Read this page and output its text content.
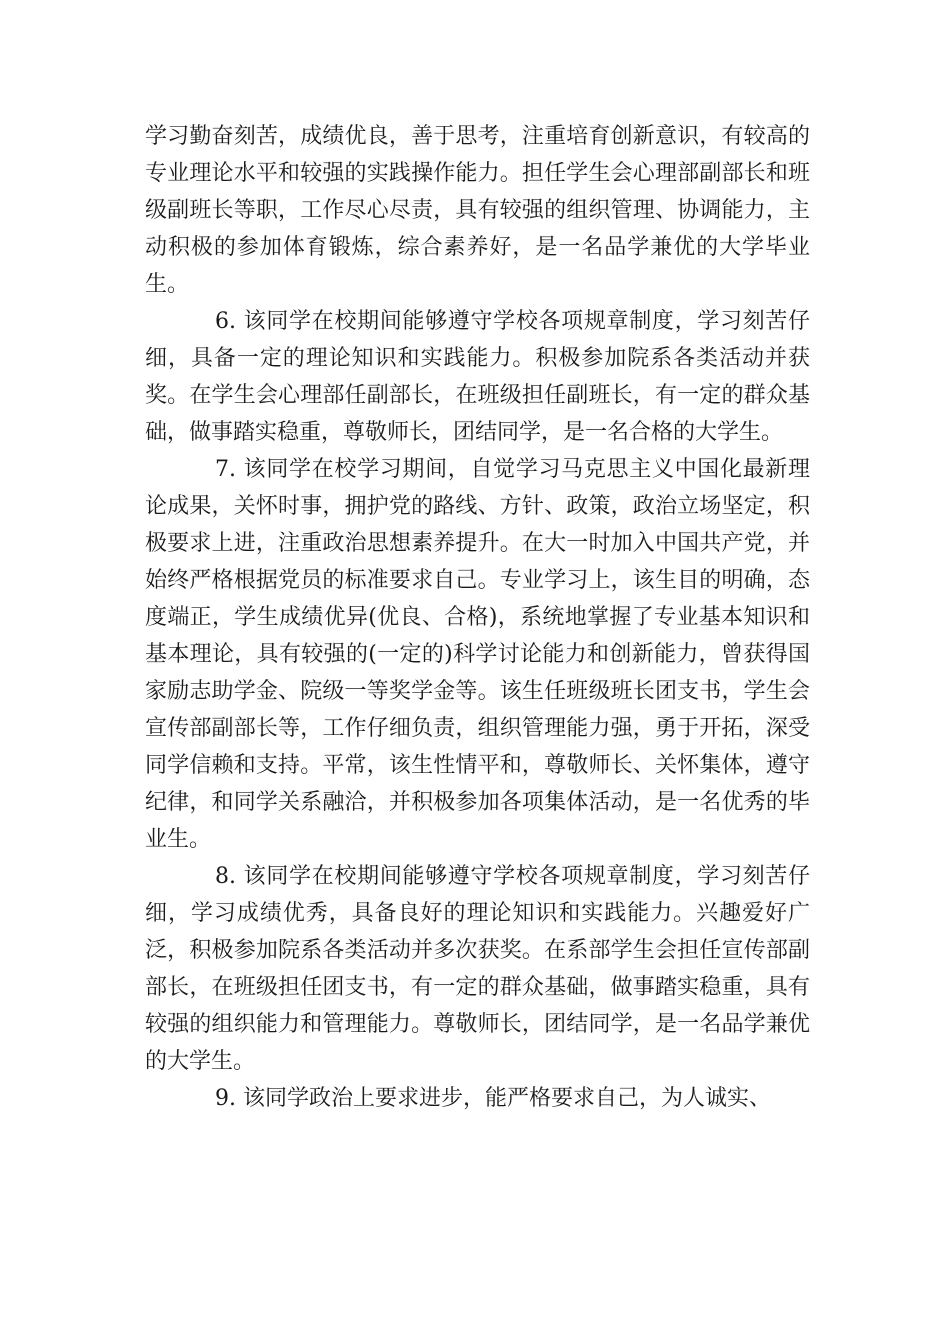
学习勤奋刻苦，成绩优良，善于思考，注重培育创新意识，有较高的专业理论水平和较强的实践操作能力。担任学生会心理部副部长和班级副班长等职，工作尽心尽责，具有较强的组织管理、协调能力，主动积极的参加体育锻炼，综合素养好，是一名品学兼优的大学毕业生。

6. 该同学在校期间能够遵守学校各项规章制度，学习刻苦仔细，具备一定的理论知识和实践能力。积极参加院系各类活动并获奖。在学生会心理部任副部长，在班级担任副班长，有一定的群众基础，做事踏实稳重，尊敬师长，团结同学，是一名合格的大学生。

7. 该同学在校学习期间，自觉学习马克思主义中国化最新理论成果，关怀时事，拥护党的路线、方针、政策，政治立场坚定，积极要求上进，注重政治思想素养提升。在大一时加入中国共产党，并始终严格根据党员的标准要求自己。专业学习上，该生目的明确，态度端正，学生成绩优异(优良、合格)，系统地掌握了专业基本知识和基本理论，具有较强的(一定的)科学讨论能力和创新能力，曾获得国家励志助学金、院级一等奖学金等。该生任班级班长团支书，学生会宣传部副部长等，工作仔细负责，组织管理能力强，勇于开拓，深受同学信赖和支持。平常，该生性情平和，尊敬师长、关怀集体，遵守纪律，和同学关系融洽，并积极参加各项集体活动，是一名优秀的毕业生。

8. 该同学在校期间能够遵守学校各项规章制度，学习刻苦仔细，学习成绩优秀，具备良好的理论知识和实践能力。兴趣爱好广泛，积极参加院系各类活动并多次获奖。在系部学生会担任宣传部副部长，在班级担任团支书，有一定的群众基础，做事踏实稳重，具有较强的组织能力和管理能力。尊敬师长，团结同学，是一名品学兼优的大学生。

9. 该同学政治上要求进步，能严格要求自己，为人诚实、
